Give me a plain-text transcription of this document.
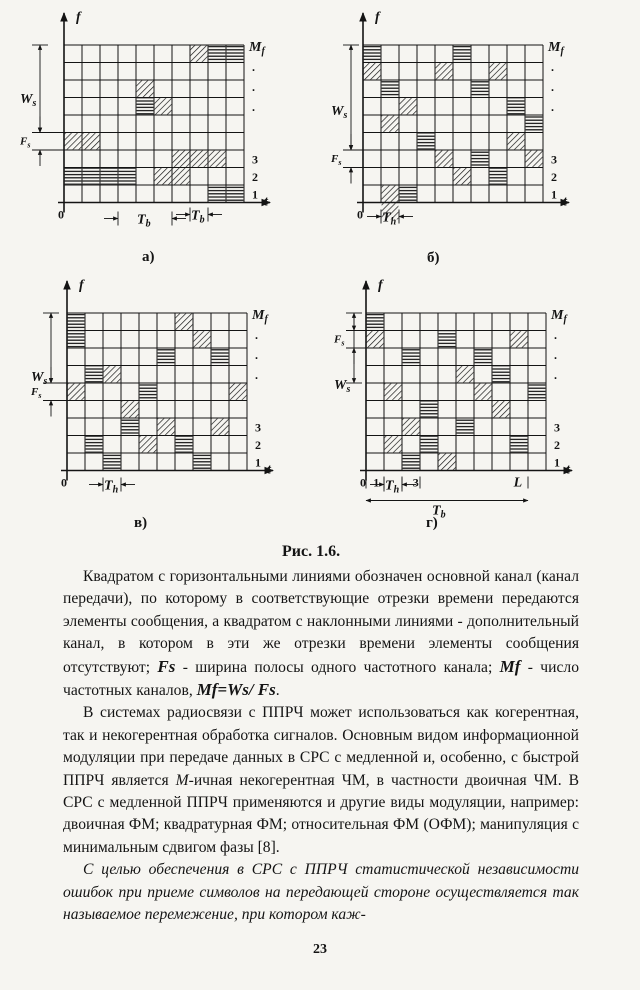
f
t
0
$M_f$
.
.
.
3
2
1
$W_s$
$F_s$
$T_b$
$T_b$
f
t
0
$M_f$
.
.
.
3
2
1
$W_s$
$F_s$
$T_h$
f
t
0
$M_f$
.
.
.
3
2
1
$W_s$
$F_s$
$T_h$
f
t
0
$M_f$
.
.
.
3
2
1
$W_s$
$F_s$
1	3	L
$T_h$
$T_b$
а)	б)
в)	г)
Рис. 1.6.

Квадратом с горизонтальными линиями обозначен основной канал (канал передачи), по которому в соответствующие отрезки времени передаются элементы сообщения, а квадратом с наклонными линиями - дополнительный канал, в котором в эти же отрезки времени элементы сообщения отсутствуют; Fs - ширина полосы одного частотного канала; Mf - число частотных каналов, Mf=Ws/ Fs.

В системах радиосвязи с ППРЧ может использоваться как когерентная, так и некогерентная обработка сигналов. Основным видом информационной модуляции при передаче данных в СРС с медленной и, особенно, с быстрой ППРЧ является М-ичная некогерентная ЧМ, в частности двоичная ЧМ. В СРС с медленной ППРЧ применяются и другие виды модуляции, например: двоичная ФМ; квадратурная ФМ; относительная ФМ (ОФМ); манипуляция с минимальным сдвигом фазы [8].

С целью обеспечения в СРС с ППРЧ статистической независимости ошибок при приеме символов на передающей стороне осуществляется так называемое перемежение, при котором каж-

23
